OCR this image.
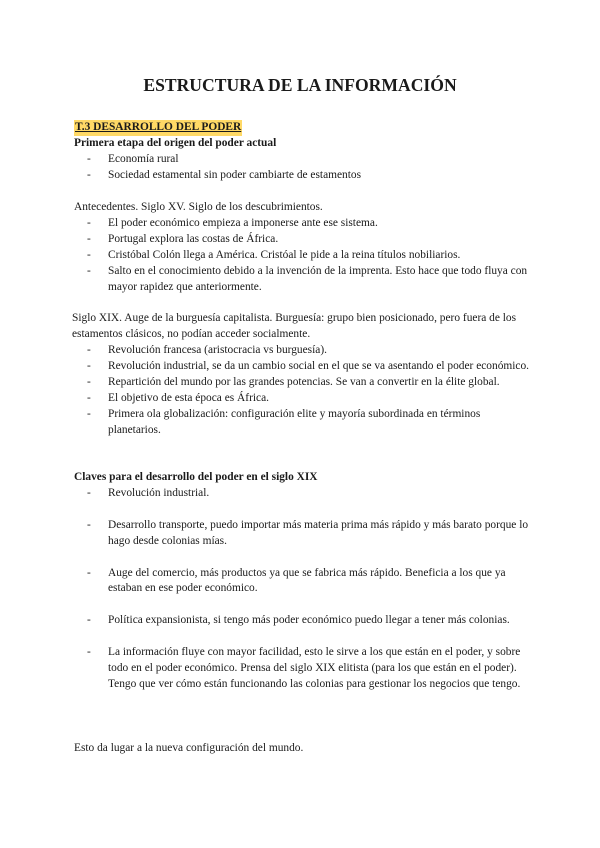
ESTRUCTURA DE LA INFORMACIÓN
T.3 DESARROLLO DEL PODER
Primera etapa del origen del poder actual
- Economía rural
- Sociedad estamental sin poder cambiarte de estamentos
Antecedentes. Siglo XV. Siglo de los descubrimientos.
- El poder económico empieza a imponerse ante ese sistema.
- Portugal explora las costas de África.
- Cristóbal Colón llega a América. Cristóal le pide a la reina títulos nobiliarios.
- Salto en el conocimiento debido a la invención de la imprenta. Esto hace que todo fluya con mayor rapidez que anteriormente.
Siglo XIX. Auge de la burguesía capitalista. Burguesía: grupo bien posicionado, pero fuera de los estamentos clásicos, no podían acceder socialmente.
- Revolución francesa (aristocracia vs burguesía).
- Revolución industrial, se da un cambio social en el que se va asentando el poder económico.
- Repartición del mundo por las grandes potencias. Se van a convertir en la élite global.
- El objetivo de esta época es África.
- Primera ola globalización: configuración elite y mayoría subordinada en términos planetarios.
Claves para el desarrollo del poder en el siglo XIX
- Revolución industrial.
- Desarrollo transporte, puedo importar más materia prima más rápido y más barato porque lo hago desde colonias mías.
- Auge del comercio, más productos ya que se fabrica más rápido. Beneficia a los que ya estaban en ese poder económico.
- Política expansionista, si tengo más poder económico puedo llegar a tener más colonias.
- La información fluye con mayor facilidad, esto le sirve a los que están en el poder, y sobre todo en el poder económico. Prensa del siglo XIX elitista (para los que están en el poder). Tengo que ver cómo están funcionando las colonias para gestionar los negocios que tengo.
Esto da lugar a la nueva configuración del mundo.
